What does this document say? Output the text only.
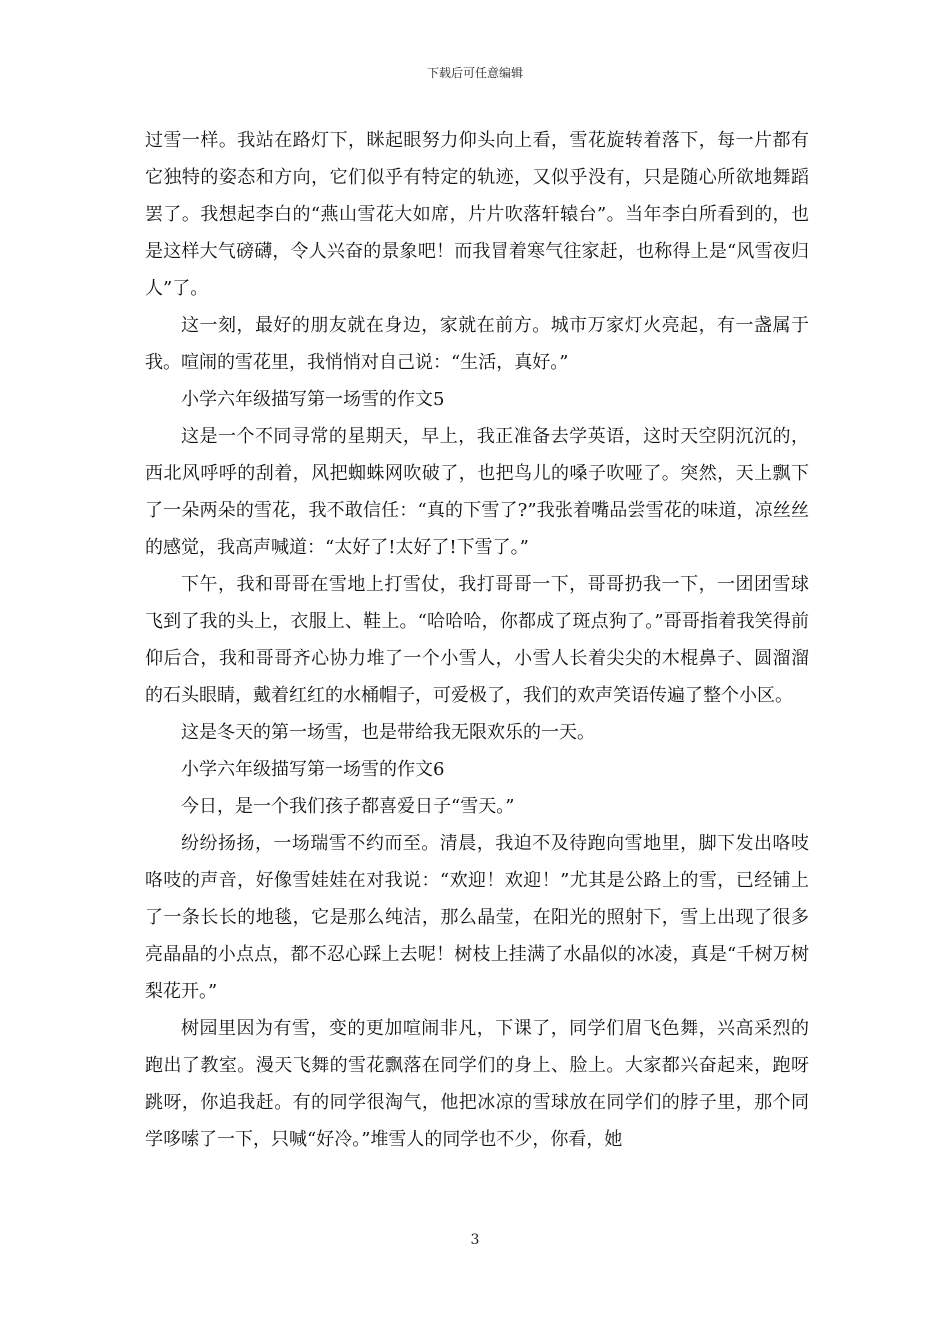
下载后可任意编辑

过雪一样。我站在路灯下，眯起眼努力仰头向上看，雪花旋转着落下，每一片都有它独特的姿态和方向，它们似乎有特定的轨迹，又似乎没有，只是随心所欲地舞蹈罢了。我想起李白的“燕山雪花大如席，片片吹落轩辕台”。当年李白所看到的，也是这样大气磅礴，令人兴奋的景象吧！而我冒着寒气往家赶，也称得上是“风雪夜归人”了。

这一刻，最好的朋友就在身边，家就在前方。城市万家灯火亮起，有一盏属于我。喧闹的雪花里，我悄悄对自己说：“生活，真好。”

小学六年级描写第一场雪的作文5

这是一个不同寻常的星期天，早上，我正准备去学英语，这时天空阴沉沉的，西北风呼呼的刮着，风把蜘蛛网吹破了，也把鸟儿的嗓子吹哑了。突然，天上飘下了一朵两朵的雪花，我不敢信任：“真的下雪了?”我张着嘴品尝雪花的味道，凉丝丝的感觉，我高声喊道：“太好了!太好了!下雪了。”

下午，我和哥哥在雪地上打雪仗，我打哥哥一下，哥哥扔我一下，一团团雪球飞到了我的头上，衣服上、鞋上。“哈哈哈，你都成了斑点狗了。”哥哥指着我笑得前仰后合，我和哥哥齐心协力堆了一个小雪人，小雪人长着尖尖的木棍鼻子、圆溜溜的石头眼睛，戴着红红的水桶帽子，可爱极了，我们的欢声笑语传遍了整个小区。

这是冬天的第一场雪，也是带给我无限欢乐的一天。

小学六年级描写第一场雪的作文6

今日，是一个我们孩子都喜爱日子“雪天。”

纷纷扬扬，一场瑞雪不约而至。清晨，我迫不及待跑向雪地里，脚下发出咯吱咯吱的声音，好像雪娃娃在对我说：“欢迎！欢迎！”尤其是公路上的雪，已经铺上了一条长长的地毯，它是那么纯洁，那么晶莹，在阳光的照射下，雪上出现了很多亮晶晶的小点点，都不忍心踩上去呢！树枝上挂满了水晶似的冰凌，真是“千树万树梨花开。”

树园里因为有雪，变的更加喧闹非凡，下课了，同学们眉飞色舞，兴高采烈的跑出了教室。漫天飞舞的雪花飘落在同学们的身上、脸上。大家都兴奋起来，跑呀跳呀，你追我赶。有的同学很淘气，他把冰凉的雪球放在同学们的脖子里，那个同学哆嗦了一下，只喊“好冷。”堆雪人的同学也不少，你看，她

3
